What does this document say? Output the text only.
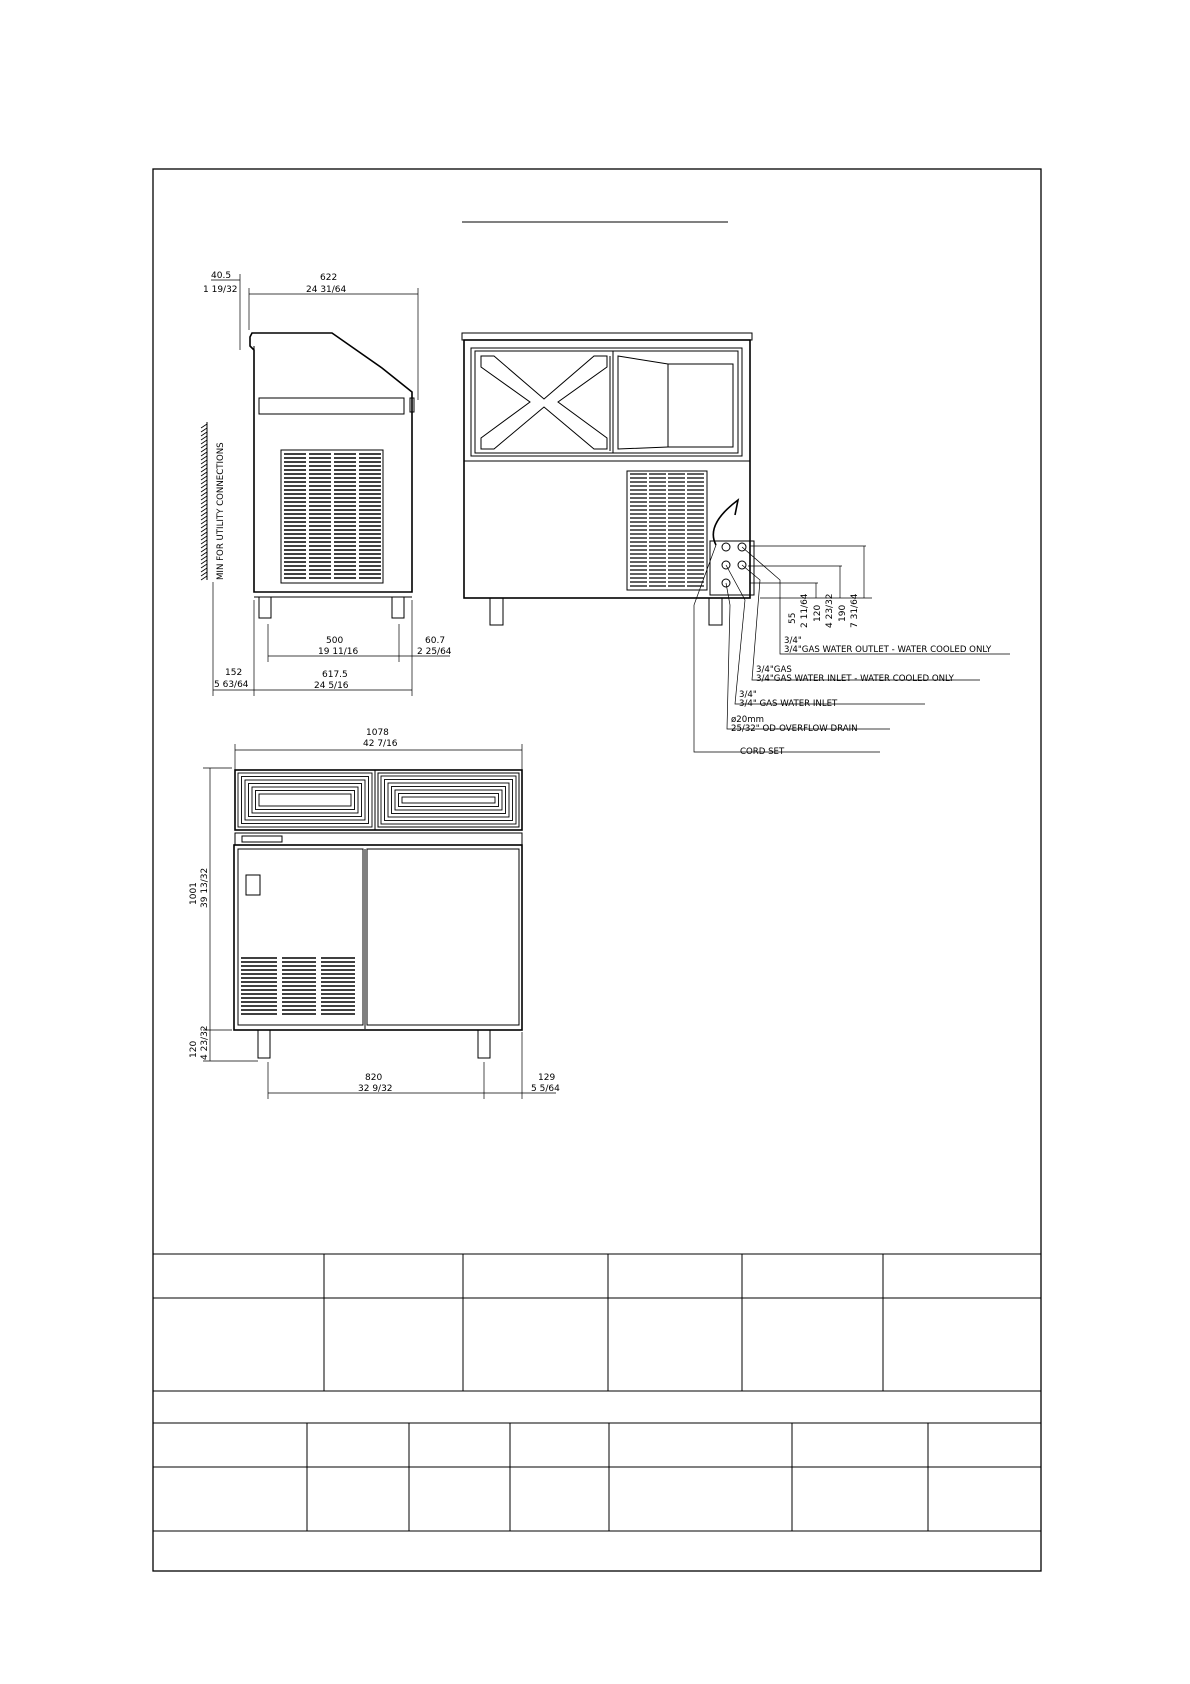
40.5
1 19/32
622
24 31/64
MIN FOR UTILITY CONNECTIONS
500
19 11/16
60.7
2 25/64
152
5 63/64
617.5
24 5/16
55 2 11/64 120 4 23/32 190 7 31/64
3/4"
3/4"GAS WATER OUTLET - WATER COOLED ONLY
3/4"GAS
3/4"GAS WATER INLET - WATER COOLED ONLY
3/4"
3/4" GAS WATER INLET
ø20mm
25/32" OD-OVERFLOW DRAIN
CORD SET
1078
42 7/16
1001 39 13/32
120 4 23/32
820
32 9/32
129
5 5/64
